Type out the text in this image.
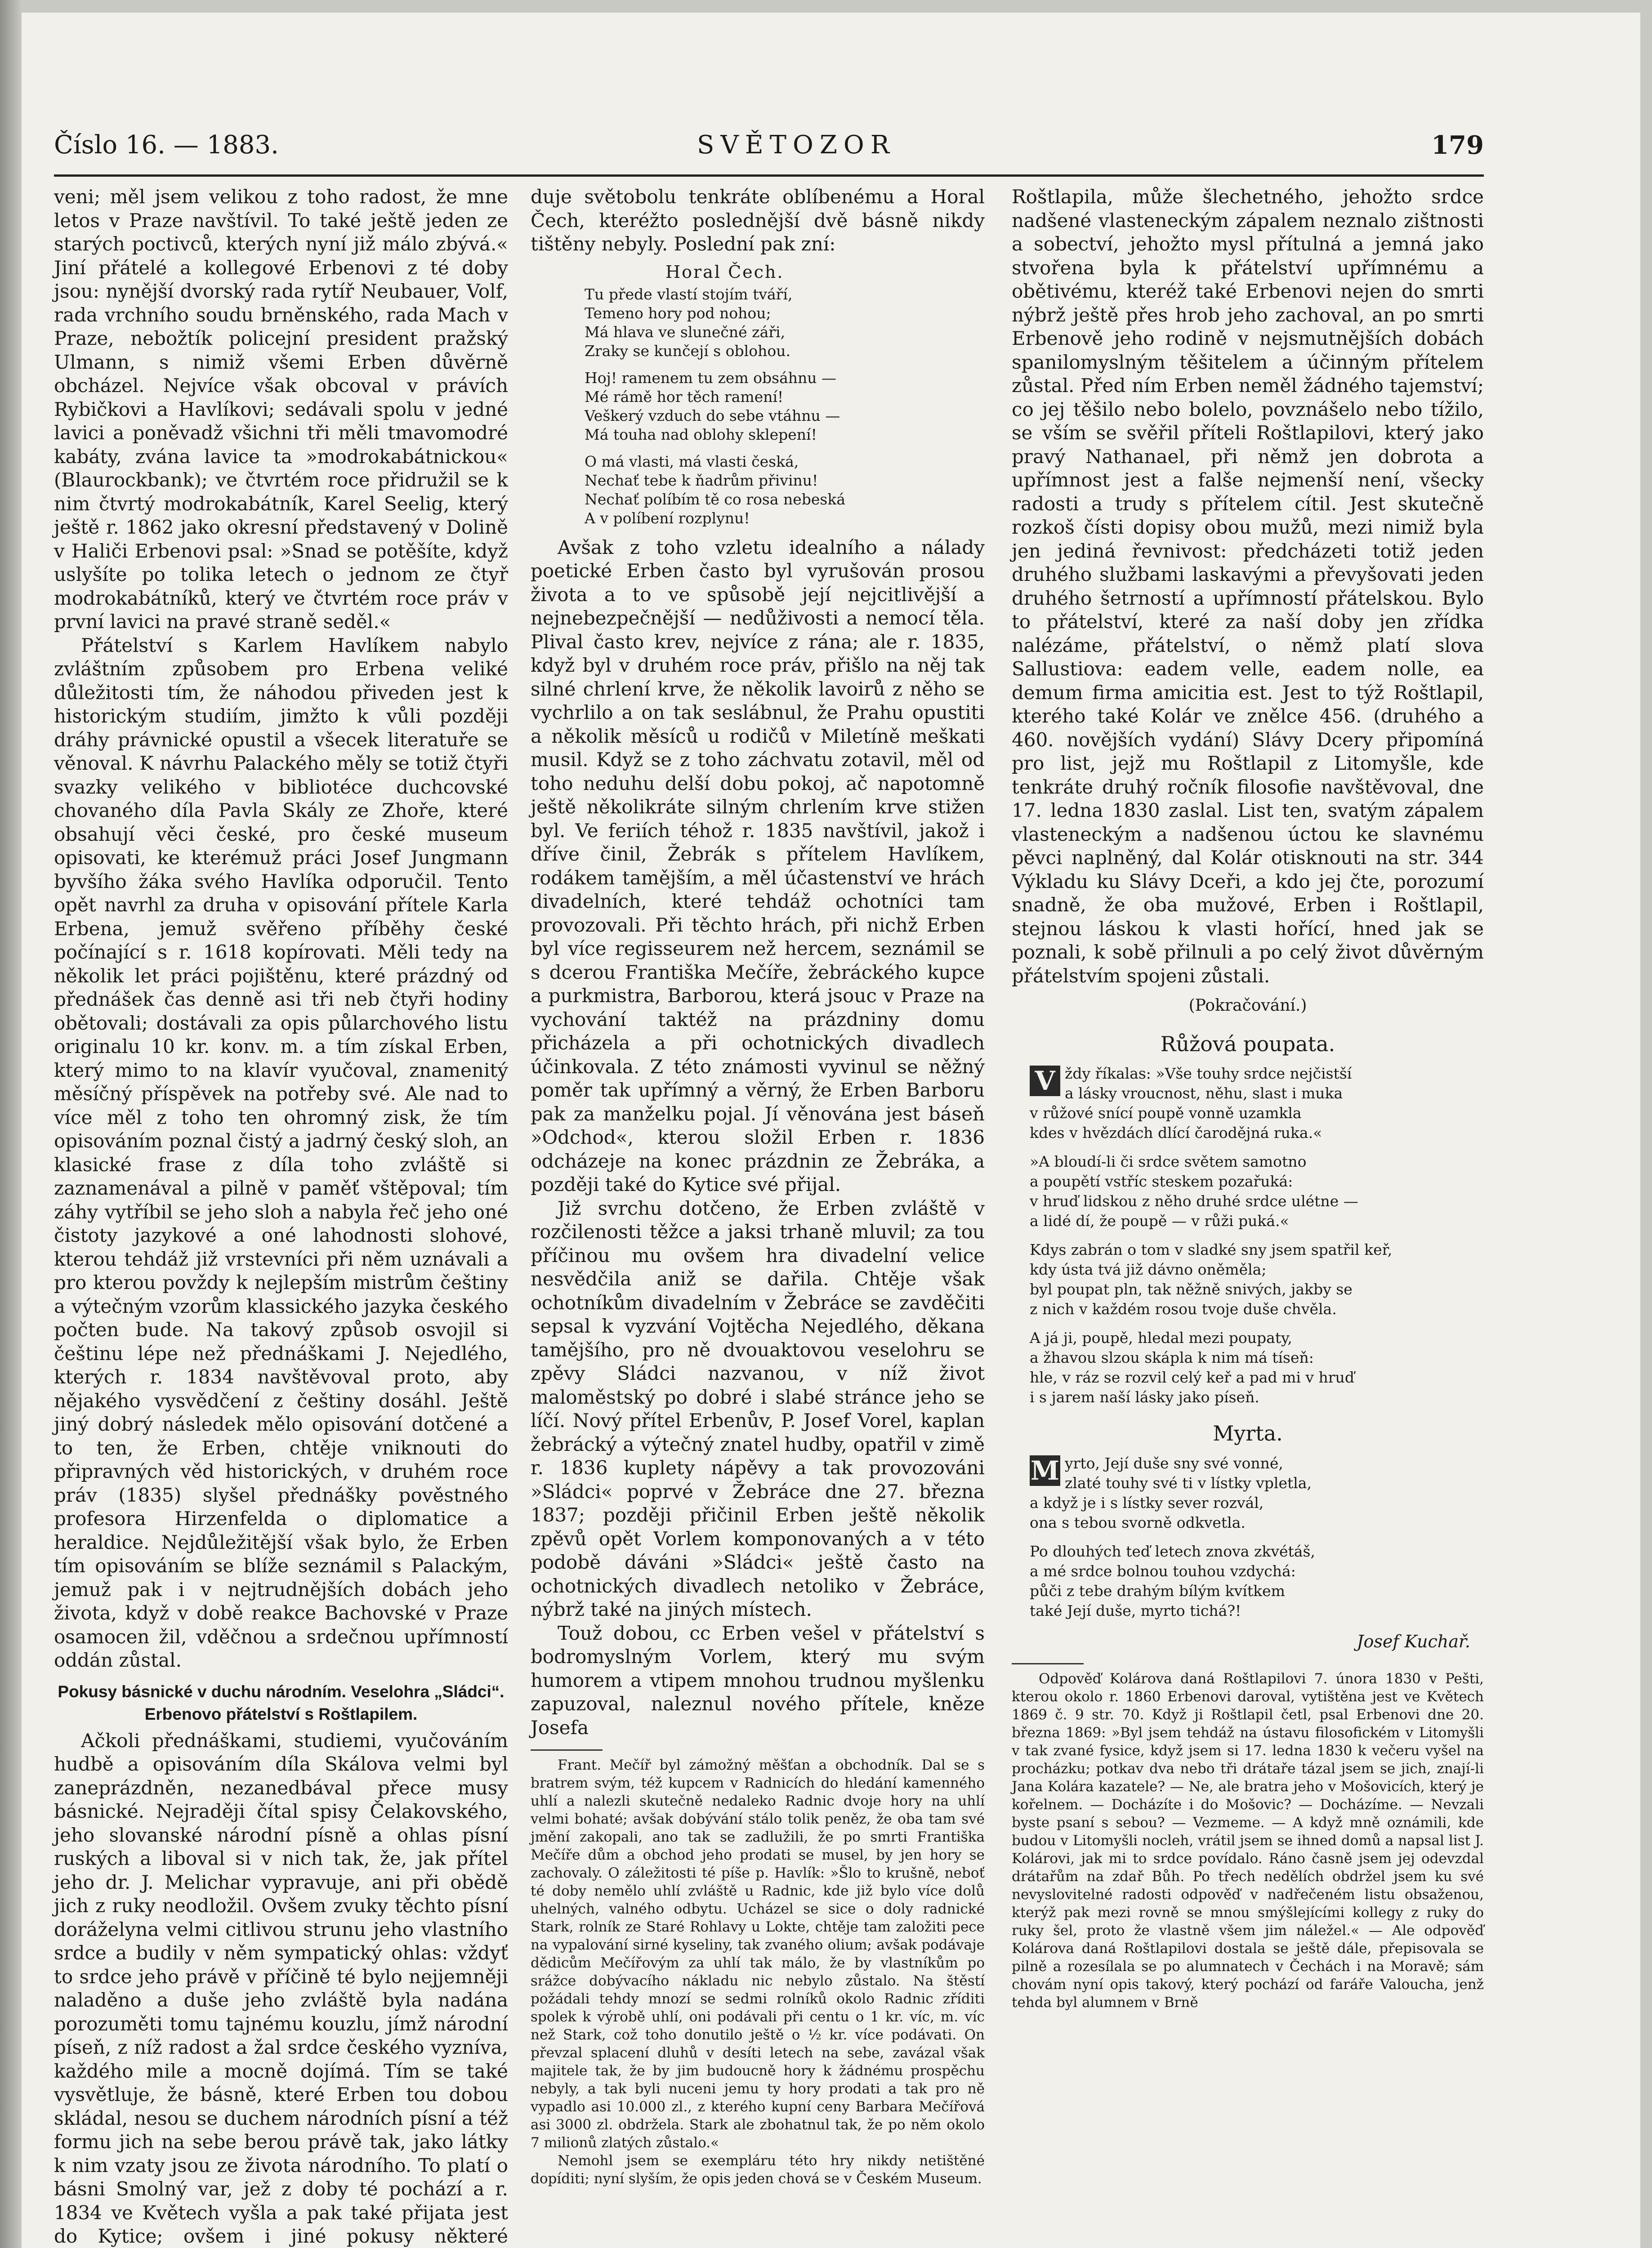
Číslo 16. — 1883.	SVĚTOZOR	179

veni; měl jsem velikou z toho radost, že mne letos v Praze navštívil. To také ještě jeden ze starých poctivců, kterých nyní již málo zbývá.« Jiní přátelé a kollegové Erbenovi z té doby jsou: nynější dvorský rada rytíř Neubauer, Volf, rada vrchního soudu brněnského, rada Mach v Praze, nebožtík policejní president pražský Ulmann, s nimiž všemi Erben důvěrně obcházel. Nejvíce však obcoval v právích Rybičkovi a Havlíkovi; sedávali spolu v jedné lavici a poněvadž všichni tři měli tmavomodré kabáty, zvána lavice ta »modrokabátnickou« (Blaurockbank); ve čtvrtém roce přidružil se k nim čtvrtý modrokabátník, Karel Seelig, který ještě r. 1862 jako okresní představený v Dolině v Haliči Erbenovi psal: »Snad se potěšíte, když uslyšíte po tolika letech o jednom ze čtyř modrokabátníků, který ve čtvrtém roce práv v první lavici na pravé straně seděl.«

Přátelství s Karlem Havlíkem nabylo zvláštním způsobem pro Erbena veliké důležitosti tím, že náhodou přiveden jest k historickým studiím, jimžto k vůli později dráhy právnické opustil a všecek literatuře se věnoval. K návrhu Palackého měly se totiž čtyři svazky velikého v bibliotéce duchcovské chovaného díla Pavla Skály ze Zhoře, které obsahují věci české, pro české museum opisovati, ke kterémuž práci Josef Jungmann byvšího žáka svého Havlíka odporučil. Tento opět navrhl za druha v opisování přítele Karla Erbena, jemuž svěřeno příběhy české počínající s r. 1618 kopírovati. Měli tedy na několik let práci pojištěnu, které prázdný od přednášek čas denně asi tři neb čtyři hodiny obětovali; dostávali za opis půlarchového listu originalu 10 kr. konv. m. a tím získal Erben, který mimo to na klavír vyučoval, znamenitý měsíčný příspěvek na potřeby své. Ale nad to více měl z toho ten ohromný zisk, že tím opisováním poznal čistý a jadrný český sloh, an klasické frase z díla toho zvláště si zaznamenával a pilně v paměť vštěpoval; tím záhy vytříbil se jeho sloh a nabyla řeč jeho oné čistoty jazykové a oné lahodnosti slohové, kterou tehdáž již vrstevníci při něm uznávali a pro kterou povždy k nejlepším mistrům češtiny a výtečným vzorům klassického jazyka českého počten bude. Na takový způsob osvojil si češtinu lépe než přednáškami J. Nejedlého, kterých r. 1834 navštěvoval proto, aby nějakého vysvědčení z češtiny dosáhl. Ještě jiný dobrý následek mělo opisování dotčené a to ten, že Erben, chtěje vniknouti do připravných věd historických, v druhém roce práv (1835) slyšel přednášky pověstného profesora Hirzenfelda o diplomatice a heraldice. Nejdůležitější však bylo, že Erben tím opisováním se blíže seznámil s Palackým, jemuž pak i v nejtrudnějších dobách jeho života, když v době reakce Bachovské v Praze osamocen žil, vděčnou a srdečnou upřímností oddán zůstal.

Pokusy básnické v duchu národním. Veselohra „Sládci“. Erbenovo přátelství s Roštlapilem.

Ačkoli přednáškami, studiemi, vyučováním hudbě a opisováním díla Skálova velmi byl zaneprázdněn, nezanedbával přece musy básnické. Nejraději čítal spisy Čelakovského, jeho slovanské národní písně a ohlas písní ruských a liboval si v nich tak, že, jak přítel jeho dr. J. Melichar vypravuje, ani při obědě jich z ruky neodložil. Ovšem zvuky těchto písní doráželyna velmi citlivou strunu jeho vlastního srdce a budily v něm sympatický ohlas: vždyť to srdce jeho právě v příčině té bylo nejjemněji naladěno a duše jeho zvláště byla nadána porozuměti tomu tajnému kouzlu, jímž národní píseň, z níž radost a žal srdce českého vyzníva, každého mile a mocně dojímá. Tím se také vysvětluje, že básně, které Erben tou dobou skládal, nesou se duchem národních písní a též formu jich na sebe berou právě tak, jako látky k nim vzaty jsou ze života národního. To platí o básni Smolný var, jež z doby té pochází a r. 1834 ve Květech vyšla a pak také přijata jest do Kytice; ovšem i jiné pokusy některé

duje světobolu tenkráte oblíbenému a Horal Čech, kteréžto poslednější dvě básně nikdy tištěny nebyly. Poslední pak zní:

Horal Čech.
Tu přede vlastí stojím tváří,
Temeno hory pod nohou;
Má hlava ve slunečné záři,
Zraky se kunčejí s oblohou.
Hoj! ramenem tu zem obsáhnu —
Mé rámě hor těch ramení!
Veškerý vzduch do sebe vtáhnu —
Má touha nad oblohy sklepení!
O má vlasti, má vlasti česká,
Nechať tebe k ňadrům přivinu!
Nechať políbím tě co rosa nebeská
A v políbení rozplynu!

Avšak z toho vzletu idealního a nálady poetické Erben často byl vyrušován prosou života a to ve spůsobě její nejcitlivější a nejnebezpečnější — nedůživosti a nemocí těla. Plival často krev, nejvíce z rána; ale r. 1835, když byl v druhém roce práv, přišlo na něj tak silné chrlení krve, že několik lavoirů z něho se vychrlilo a on tak seslábnul, že Prahu opustiti a několik měsíců u rodičů v Miletíně meškati musil. Když se z toho záchvatu zotavil, měl od toho neduhu delší dobu pokoj, ač napotomně ještě několikráte silným chrlením krve stižen byl. Ve feriích téhož r. 1835 navštívil, jakož i dříve činil, Žebrák s přítelem Havlíkem, rodákem tamějším, a měl účastenství ve hrách divadelních, které tehdáž ochotníci tam provozovali. Při těchto hrách, při nichž Erben byl více regisseurem než hercem, seznámil se s dcerou Františka Mečíře, žebráckého kupce a purkmistra, Barborou, která jsouc v Praze na vychování taktéž na prázdniny domu přicházela a při ochotnických divadlech účinkovala. Z této známosti vyvinul se něžný poměr tak upřímný a věrný, že Erben Barboru pak za manželku pojal. Jí věnována jest báseň »Odchod«, kterou složil Erben r. 1836 odcházeje na konec prázdnin ze Žebráka, a později také do Kytice své přijal.

Již svrchu dotčeno, že Erben zvláště v rozčilenosti těžce a jaksi trhaně mluvil; za tou příčinou mu ovšem hra divadelní velice nesvědčila aniž se dařila. Chtěje však ochotníkům divadelním v Žebráce se zavděčiti sepsal k vyzvání Vojtěcha Nejedlého, děkana tamějšího, pro ně dvouaktovou veselohru se zpěvy Sládci nazvanou, v níž život maloměstský po dobré i slabé stránce jeho se líčí. Nový přítel Erbenův, P. Josef Vorel, kaplan žebrácký a výtečný znatel hudby, opatřil v zimě r. 1836 kuplety nápěvy a tak provozováni »Sládci« poprvé v Žebráce dne 27. března 1837; později přičinil Erben ještě několik zpěvů opět Vorlem komponovaných a v této podobě dáváni »Sládci« ještě často na ochotnických divadlech netoliko v Žebráce, nýbrž také na jiných místech.

Touž dobou, cc Erben vešel v přátelství s bodromyslným Vorlem, který mu svým humorem a vtipem mnohou trudnou myšlenku zapuzoval, naleznul nového přítele, kněze Josefa

Frant. Mečíř byl zámožný měšťan a obchodník. Dal se s bratrem svým, též kupcem v Radnicích do hledání kamenného uhlí a nalezli skutečně nedaleko Radnic dvoje hory na uhlí velmi bohaté; avšak dobývání stálo tolik peněz, že oba tam své jmění zakopali, ano tak se zadlužili, že po smrti Františka Mečíře dům a obchod jeho prodati se musel, by jen hory se zachovaly. O záležitosti té píše p. Havlík: »Šlo to krušně, neboť té doby nemělo uhlí zvláště u Radnic, kde již bylo více dolů uhelných, valného odbytu. Ucházel se sice o doly radnické Stark, rolník ze Staré Rohlavy u Lokte, chtěje tam založiti pece na vypalování sirné kyseliny, tak zvaného olium; avšak podávaje dědicům Mečířovým za uhlí tak málo, že by vlastníkům po srážce dobývacího nákladu nic nebylo zůstalo. Na štěstí požádali tehdy mnozí se sedmi rolníků okolo Radnic zříditi spolek k výrobě uhlí, oni podávali při centu o 1 kr. víc, m. víc než Stark, což toho donutilo ještě o ½ kr. více podávati. On převzal splacení dluhů v desíti letech na sebe, zavázal však majitele tak, že by jim budoucně hory k žádnému prospěchu nebyly, a tak byli nuceni jemu ty hory prodati a tak pro ně vypadlo asi 10.000 zl., z kterého kupní ceny Barbara Mečířová asi 3000 zl. obdržela. Stark ale zbohatnul tak, že po něm okolo 7 milionů zlatých zůstalo.«

Nemohl jsem se exempláru této hry nikdy netištěné dopíditi; nyní slyším, že opis jeden chová se v Českém Museum.

Roštlapila, může šlechetného, jehožto srdce nadšené vlasteneckým zápalem neznalo zištnosti a sobectví, jehožto mysl přítulná a jemná jako stvořena byla k přátelství upřímnému a obětivému, kteréž také Erbenovi nejen do smrti nýbrž ještě přes hrob jeho zachoval, an po smrti Erbenově jeho rodině v nejsmutnějších dobách spanilomyslným těšitelem a účinným přítelem zůstal. Před ním Erben neměl žádného tajemství; co jej těšilo nebo bolelo, povznášelo nebo tížilo, se vším se svěřil příteli Roštlapilovi, který jako pravý Nathanael, při němž jen dobrota a upřímnost jest a falše nejmenší není, všecky radosti a trudy s přítelem cítil. Jest skutečně rozkoš čísti dopisy obou mužů, mezi nimiž byla jen jediná řevnivost: předcházeti totiž jeden druhého službami laskavými a převyšovati jeden druhého šetrností a upřímností přátelskou. Bylo to přátelství, které za naší doby jen zřídka nalézáme, přátelství, o němž platí slova Sallustiova: eadem velle, eadem nolle, ea demum firma amicitia est. Jest to týž Roštlapil, kterého také Kolár ve znělce 456. (druhého a 460. novějších vydání) Slávy Dcery připomíná pro list, jejž mu Roštlapil z Litomyšle, kde tenkráte druhý ročník filosofie navštěvoval, dne 17. ledna 1830 zaslal. List ten, svatým zápalem vlasteneckým a nadšenou úctou ke slavnému pěvci naplněný, dal Kolár otisknouti na str. 344 Výkladu ku Slávy Dceři, a kdo jej čte, porozumí snadně, že oba mužové, Erben i Roštlapil, stejnou láskou k vlasti hořící, hned jak se poznali, k sobě přilnuli a po celý život důvěrným přátelstvím spojeni zůstali.

(Pokračování.)
Růžová poupata.
V ždy říkalas: »Vše touhy srdce nejčistší
a lásky vroucnost, něhu, slast i muka
v růžové snící poupě vonně uzamkla
kdes v hvězdách dlící čarodějná ruka.«
»A bloudí-li či srdce světem samotno
a poupětí vstříc steskem pozařuká:
v hruď lidskou z něho druhé srdce ulétne —
a lidé dí, že poupě — v růži puká.«
Kdys zabrán o tom v sladké sny jsem spatřil keř,
kdy ústa tvá již dávno oněměla;
byl poupat pln, tak něžně snivých, jakby se
z nich v každém rosou tvoje duše chvěla.
A já ji, poupě, hledal mezi poupaty,
a žhavou slzou skápla k nim má tíseň:
hle, v ráz se rozvil celý keř a pad mi v hruď
i s jarem naší lásky jako píseň.
Myrta.
M yrto, Její duše sny své vonné,
zlaté touhy své ti v lístky vpletla,
a když je i s lístky sever rozvál,
ona s tebou svorně odkvetla.
Po dlouhých teď letech znova zkvétáš,
a mé srdce bolnou touhou vzdychá:
půči z tebe drahým bílým kvítkem
také Její duše, myrto tichá?!
Josef Kuchař.

Odpověď Kolárova daná Roštlapilovi 7. února 1830 v Pešti, kterou okolo r. 1860 Erbenovi daroval, vytištěna jest ve Květech 1869 č. 9 str. 70. Když ji Roštlapil četl, psal Erbenovi dne 20. března 1869: »Byl jsem tehdáž na ústavu filosofickém v Litomyšli v tak zvané fysice, když jsem si 17. ledna 1830 k večeru vyšel na procházku; potkav dva nebo tři drátaře tázal jsem se jich, znají-li Jana Kolára kazatele? — Ne, ale bratra jeho v Mošovicích, který je kořelnem. — Docházíte i do Mošovic? — Docházíme. — Nevzali byste psaní s sebou? — Vezmeme. — A když mně oznámili, kde budou v Litomyšli nocleh, vrátil jsem se ihned domů a napsal list J. Kolárovi, jak mi to srdce povídalo. Ráno časně jsem jej odevzdal drátařům na zdař Bůh. Po třech nedělích obdržel jsem ku své nevyslovitelné radosti odpověď v nadřečeném listu obsaženou, kterýž pak mezi rovně se mnou smýšlejícími kollegy z ruky do ruky šel, proto že vlastně všem jim náležel.« — Ale odpověď Kolárova daná Roštlapilovi dostala se ještě dále, přepisovala se pilně a rozesílala se po alumnatech v Čechách i na Moravě; sám chovám nyní opis takový, který pochází od faráře Valoucha, jenž tehda byl alumnem v Brně
